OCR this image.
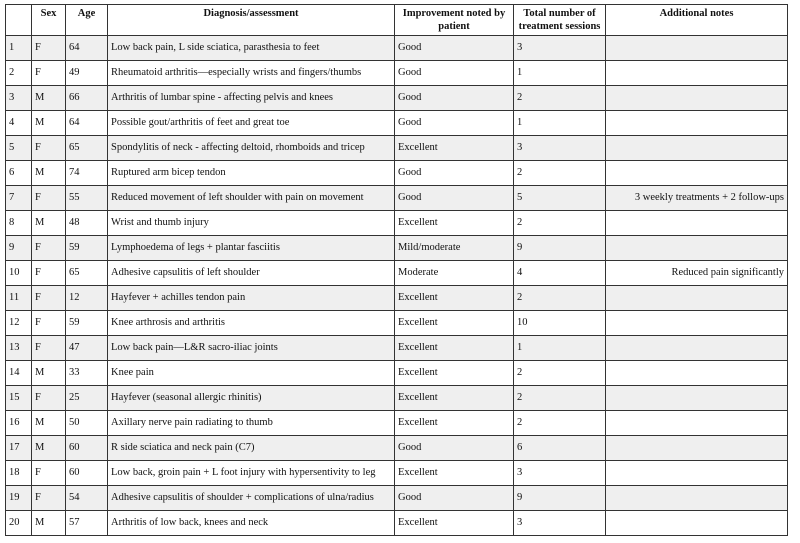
	Sex	Age	Diagnosis/assessment	Improvement noted by patient	Total number of treatment sessions	Additional notes
1	F	64	Low back pain, L side sciatica, parasthesia to feet	Good	3	
2	F	49	Rheumatoid arthritis—especially wrists and fingers/thumbs	Good	1	
3	M	66	Arthritis of lumbar spine - affecting pelvis and knees	Good	2	
4	M	64	Possible gout/arthritis of feet and great toe	Good	1	
5	F	65	Spondylitis of neck - affecting deltoid, rhomboids and tricep	Excellent	3	
6	M	74	Ruptured arm bicep tendon	Good	2	
7	F	55	Reduced movement of left shoulder with pain on movement	Good	5	3 weekly treatments + 2 follow-ups
8	M	48	Wrist and thumb injury	Excellent	2	
9	F	59	Lymphoedema of legs + plantar fasciitis	Mild/moderate	9	
10	F	65	Adhesive capsulitis of left shoulder	Moderate	4	Reduced pain significantly
11	F	12	Hayfever + achilles tendon pain	Excellent	2	
12	F	59	Knee arthrosis and arthritis	Excellent	10	
13	F	47	Low back pain—L&R sacro-iliac joints	Excellent	1	
14	M	33	Knee pain	Excellent	2	
15	F	25	Hayfever (seasonal allergic rhinitis)	Excellent	2	
16	M	50	Axillary nerve pain radiating to thumb	Excellent	2	
17	M	60	R side sciatica and neck pain (C7)	Good	6	
18	F	60	Low back, groin pain + L foot injury with hypersentivity to leg	Excellent	3	
19	F	54	Adhesive capsulitis of shoulder + complications of ulna/radius	Good	9	
20	M	57	Arthritis of low back, knees and neck	Excellent	3	
